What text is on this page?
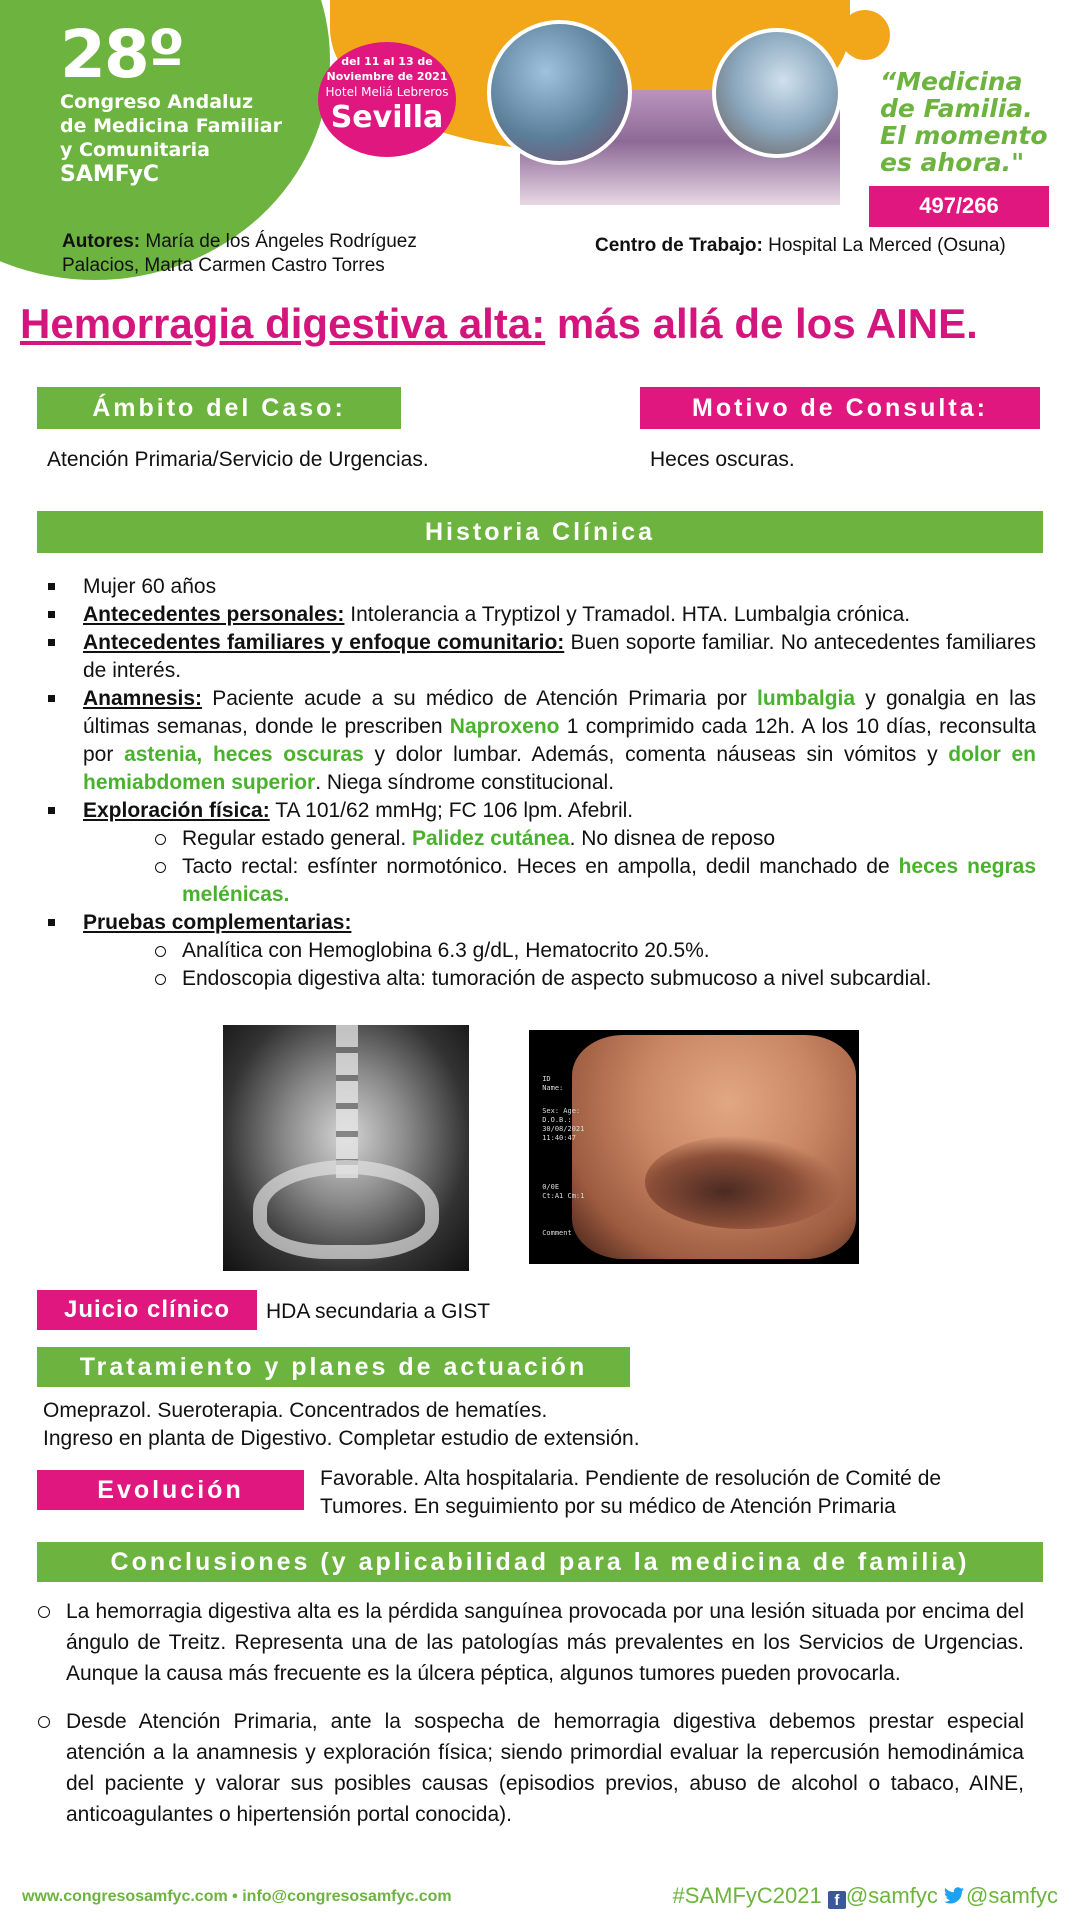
28º
Congreso Andaluz
de Medicina Familiar
y Comunitaria
SAMFyC
del 11 al 13 de
Noviembre de 2021
Hotel Meliá Lebreros
Sevilla
“Medicina
de Familia.
El momento
es ahora."
497/266
Autores: María de los Ángeles Rodríguez
Palacios, Marta Carmen Castro Torres
Centro de Trabajo: Hospital La Merced (Osuna)
Hemorragia digestiva alta: más allá de los AINE.
Ámbito del Caso:
Atención Primaria/Servicio de Urgencias.
Motivo de Consulta:
Heces oscuras.
Historia Clínica
Mujer 60 años
Antecedentes personales: Intolerancia a Tryptizol y Tramadol. HTA. Lumbalgia crónica.
Antecedentes familiares y enfoque comunitario: Buen soporte familiar. No antecedentes familiares de interés.
Anamnesis: Paciente acude a su médico de Atención Primaria por lumbalgia y gonalgia en las últimas semanas, donde le prescriben Naproxeno 1 comprimido cada 12h. A los 10 días, reconsulta por astenia, heces oscuras y dolor lumbar. Además, comenta náuseas sin vómitos y dolor en hemiabdomen superior. Niega síndrome constitucional.
Exploración física: TA 101/62 mmHg; FC 106 lpm. Afebril.
Regular estado general. Palidez cutánea. No disnea de reposo
Tacto rectal: esfínter normotónico. Heces en ampolla, dedil manchado de heces negras melénicas.
Pruebas complementarias:
Analítica con Hemoglobina 6.3 g/dL, Hematocrito 20.5%.
Endoscopia digestiva alta: tumoración de aspecto submucoso a nivel subcardial.
ID
Name:
Sex: Age:
D.O.B.:
30/08/2021
11:40:47
0/0E
Ct:A1 Cm:1
Comment
Juicio clínico	HDA secundaria a GIST
Tratamiento y planes de actuación
Omeprazol. Sueroterapia. Concentrados de hematíes.
Ingreso en planta de Digestivo. Completar estudio de extensión.
Evolución	Favorable. Alta hospitalaria. Pendiente de resolución de Comité de
Tumores. En seguimiento por su médico de Atención Primaria
Conclusiones (y aplicabilidad para la medicina de familia)
La hemorragia digestiva alta es la pérdida sanguínea provocada por una lesión situada por encima del ángulo de Treitz. Representa una de las patologías más prevalentes en los Servicios de Urgencias. Aunque la causa más frecuente es la úlcera péptica, algunos tumores pueden provocarla.
Desde Atención Primaria, ante la sospecha de hemorragia digestiva debemos prestar especial atención a la anamnesis y exploración física; siendo primordial evaluar la repercusión hemodinámica del paciente y valorar sus posibles causas (episodios previos, abuso de alcohol o tabaco, AINE, anticoagulantes o hipertensión portal conocida).
www.congresosamfyc.com • info@congresosamfyc.com	#SAMFyC2021 f @samfyc @samfyc
